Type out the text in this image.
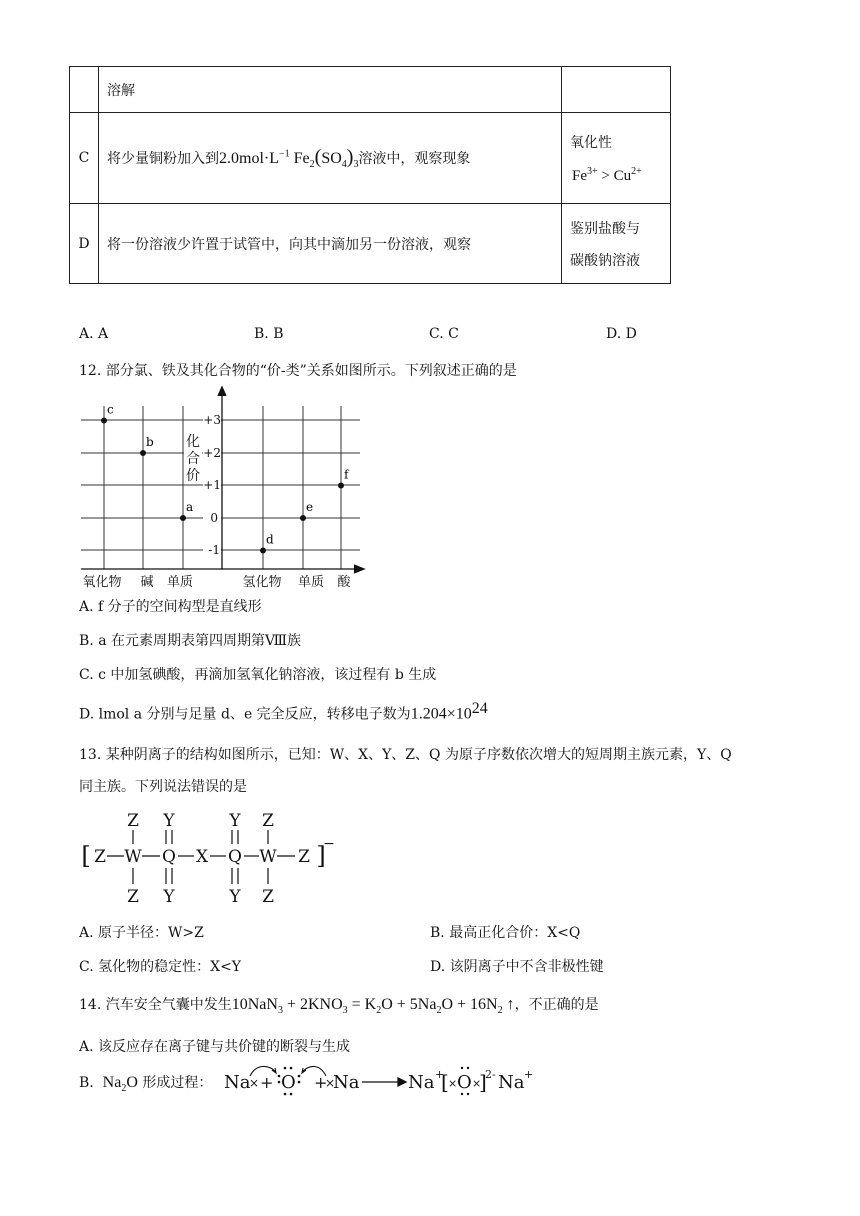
	溶解	
C	将少量铜粉加入到$2.0mol\cdot L^{-1}$ $Fe_2(SO_4)_3$溶液中，观察现象	氧化性
$Fe^{3+} > Cu^{2+}$

D	将一份溶液少许置于试管中，向其中滴加另一份溶液，观察	鉴别盐酸与
碳酸钠溶液
A. A	B. B	C. C	D. D
12. 部分氯、铁及其化合物的“价-类”关系如图所示。下列叙述正确的是
+3
+2
+1
0
-1
化
合
价
氧化物 碱 单质	氢化物 单质 酸
c
b
a
d
e
f
A. f 分子的空间构型是直线形
B. a 在元素周期表第四周期第Ⅷ族
C. c 中加氢碘酸，再滴加氢氧化钠溶液，该过程有 b 生成
D. lmol a 分别与足量 d、e 完全反应，转移电子数为$1.204\times 10^{24}$
13. 某种阴离子的结构如图所示，已知：W、X、Y、Z、Q 为原子序数依次增大的短周期主族元素，Y、Q
同主族。下列说法错误的是
[ Z W Q X Q W Z ]
−
Z
Z
Z
Z
Y
Y
Y
Y
A. 原子半径：W>Z	B. 最高正化合价：X<Q
C. 氢化物的稳定性：X<Y	D. 该阴离子中不含非极性键
14. 汽车安全气囊中发生$10NaN_3 + 2KNO_3 = K_2O + 5Na_2O + 16N_2$ ↑，不正确的是
A. 该反应存在离子键与共价键的断裂与生成
B. $Na_2O$ 形成过程： Na
× + O +
×
Na	Na +
[ × O ×
]
2- Na +
